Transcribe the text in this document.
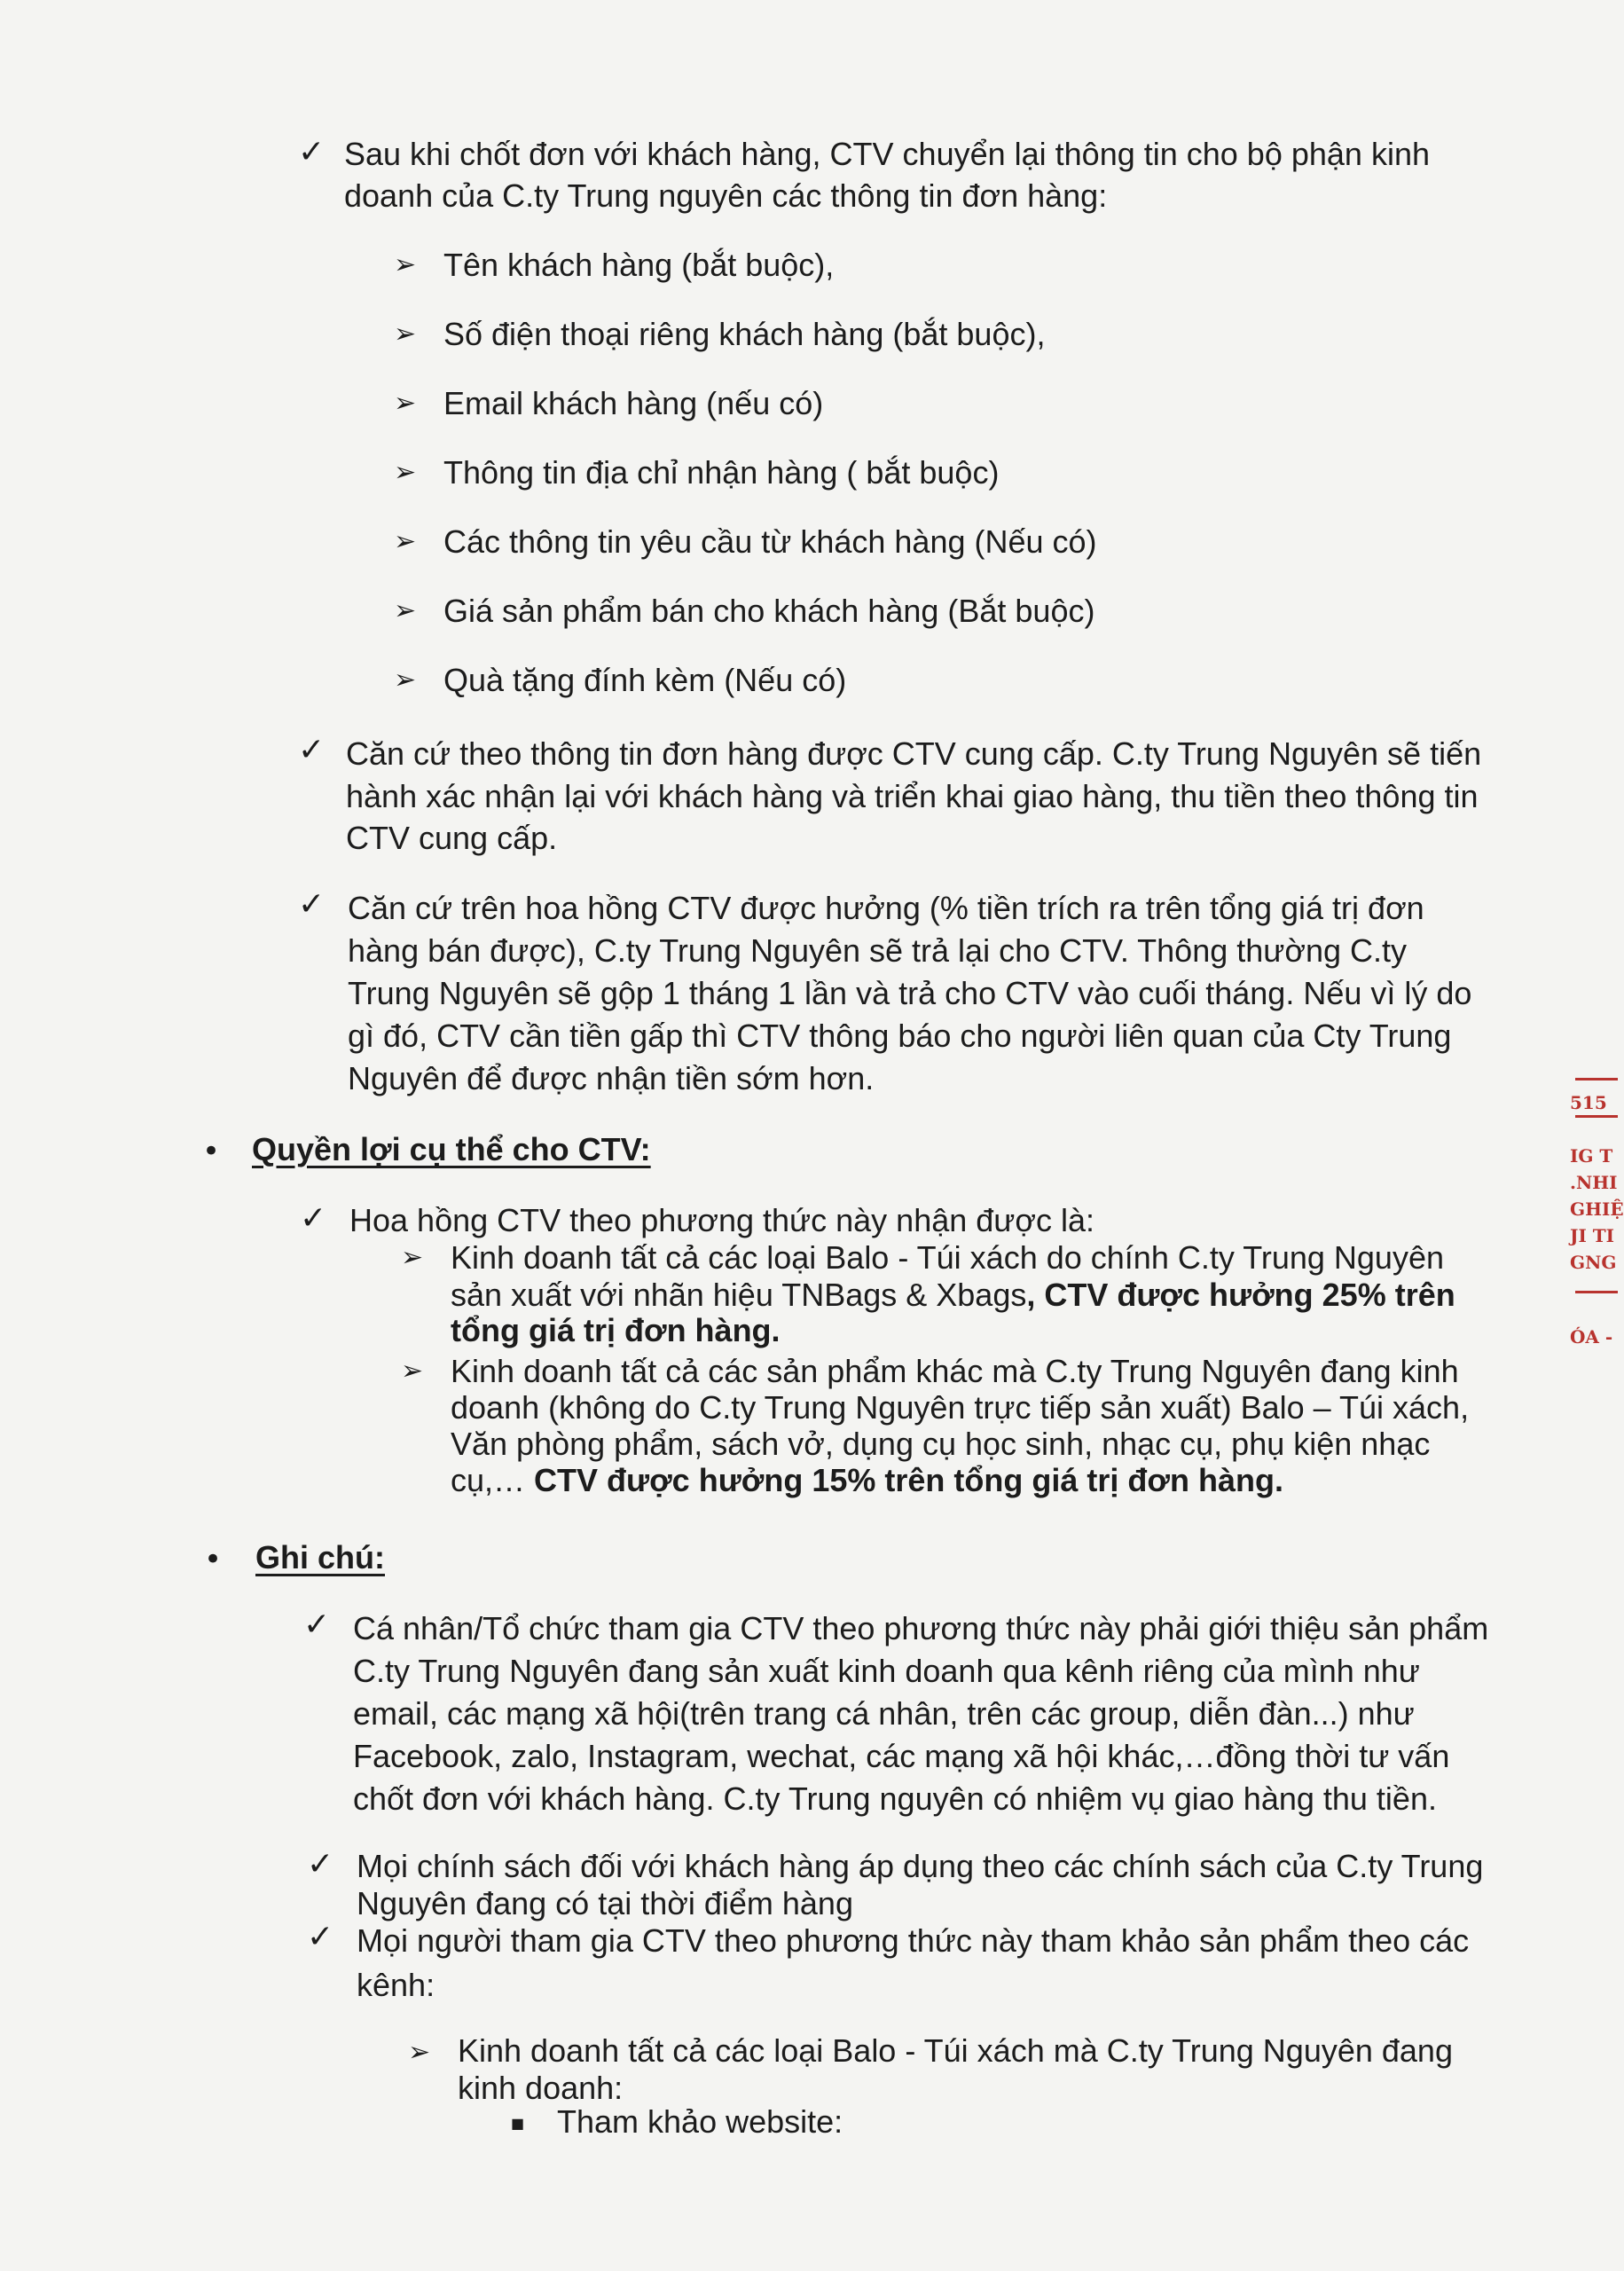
✓ Sau khi chốt đơn với khách hàng, CTV chuyển lại thông tin cho bộ phận kinh
doanh của C.ty Trung nguyên các thông tin đơn hàng:
➢ Tên khách hàng (bắt buộc),
➢ Số điện thoại riêng khách hàng (bắt buộc),
➢ Email khách hàng (nếu có)
➢ Thông tin địa chỉ nhận hàng ( bắt buộc)
➢ Các thông tin yêu cầu từ khách hàng (Nếu có)
➢ Giá sản phẩm bán cho khách hàng (Bắt buộc)
➢ Quà tặng đính kèm (Nếu có)
✓ Căn cứ theo thông tin đơn hàng được CTV cung cấp. C.ty Trung Nguyên sẽ tiến
hành xác nhận lại với khách hàng và triển khai giao hàng, thu tiền theo thông tin
CTV cung cấp.
✓ Căn cứ trên hoa hồng CTV được hưởng (% tiền trích ra trên tổng giá trị đơn
hàng bán được), C.ty Trung Nguyên sẽ trả lại cho CTV. Thông thường C.ty
Trung Nguyên sẽ gộp 1 tháng 1 lần và trả cho CTV vào cuối tháng. Nếu vì lý do
gì đó, CTV cần tiền gấp thì CTV thông báo cho người liên quan của Cty Trung
Nguyên để được nhận tiền sớm hơn.
• Quyền lợi cụ thể cho CTV:
✓ Hoa hồng CTV theo phương thức này nhận được là:
➢ Kinh doanh tất cả các loại Balo - Túi xách do chính C.ty Trung Nguyên
sản xuất với nhãn hiệu TNBags & Xbags, CTV được hưởng 25% trên
tổng giá trị đơn hàng.
➢ Kinh doanh tất cả các sản phẩm khác mà C.ty Trung Nguyên đang kinh
doanh (không do C.ty Trung Nguyên trực tiếp sản xuất) Balo – Túi xách,
Văn phòng phẩm, sách vở, dụng cụ học sinh, nhạc cụ, phụ kiện nhạc
cụ,… CTV được hưởng 15% trên tổng giá trị đơn hàng.
• Ghi chú:
✓ Cá nhân/Tổ chức tham gia CTV theo phương thức này phải giới thiệu sản phẩm
C.ty Trung Nguyên đang sản xuất kinh doanh qua kênh riêng của mình như
email, các mạng xã hội(trên trang cá nhân, trên các group, diễn đàn...) như
Facebook, zalo, Instagram, wechat, các mạng xã hội khác,…đồng thời tư vấn
chốt đơn với khách hàng. C.ty Trung nguyên có nhiệm vụ giao hàng thu tiền.
✓ Mọi chính sách đối với khách hàng áp dụng theo các chính sách của C.ty Trung
Nguyên đang có tại thời điểm hàng
✓ Mọi người tham gia CTV theo phương thức này tham khảo sản phẩm theo các
kênh:
➢ Kinh doanh tất cả các loại Balo - Túi xách mà C.ty Trung Nguyên đang
kinh doanh:
■ Tham khảo website:
515
IG T
.NHI
GHIỆ
JI TI
GNG
ÓA -
